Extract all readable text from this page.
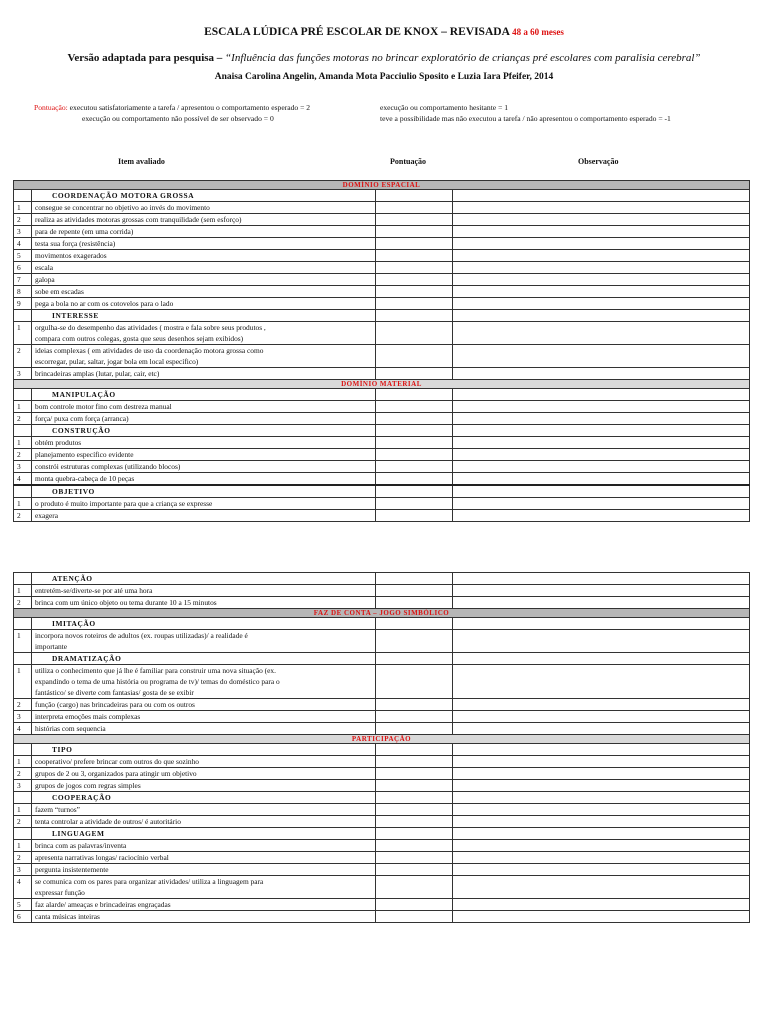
ESCALA LÚDICA PRÉ ESCOLAR DE KNOX – REVISADA 48 a 60 meses
Versão adaptada para pesquisa – “Influência das funções motoras no brincar exploratório de crianças pré escolares com paralisia cerebral”
Anaisa Carolina Angelin, Amanda Mota Pacciulio Sposito e Luzia Iara Pfeifer, 2014
Pontuação: executou satisfatoriamente a tarefa / apresentou o comportamento esperado = 2	execução ou comportamento hesitante = 1
execução ou comportamento não possível de ser observado = 0	teve a possibilidade mas não executou a tarefa / não apresentou o comportamento esperado = -1
Item avaliado	Pontuação	Observação
DOMÍNIO ESPACIAL			
	COORDENAÇÃO MOTORA GROSSA		
1	consegue se concentrar no objetivo ao invés do movimento		
2	realiza as atividades motoras grossas com tranquilidade (sem esforço)		
3	para de repente (em uma corrida)		
4	testa sua força (resistência)		
5	movimentos exagerados		
6	escala		
7	galopa		
8	sobe em escadas		
9	pega a bola no ar com os cotovelos para o lado		
	INTERESSE		
1	orgulha-se do desempenho das atividades ( mostra e fala sobre seus produtos ,
compara com outros colegas, gosta que seus desenhos sejam exibidos)		
2	ideias complexas ( em atividades de uso da coordenação motora grossa como
escorregar, pular, saltar, jogar bola em local específico)		
3	brincadeiras amplas (lutar, pular, cair, etc)		
DOMÍNIO MATERIAL			
	MANIPULAÇÃO		
1	bom controle motor fino com destreza manual		
2	força/ puxa com força (arranca)		
	CONSTRUÇÃO		
1	obtém produtos		
2	planejamento específico evidente		
3	constrói estruturas complexas (utilizando blocos)		
4	monta quebra-cabeça de 10 peças		
	OBJETIVO		
1	o produto é muito importante para que a criança se expresse		
2	exagera		
	ATENÇÃO		
1	entretém-se/diverte-se por até uma hora		
2	brinca com um único objeto ou tema durante 10 a 15 minutos		
FAZ DE CONTA – JOGO SIMBÓLICO			
	IMITAÇÃO		
1	incorpora novos roteiros de adultos (ex. roupas utilizadas)/ a realidade é
importante		
	DRAMATIZAÇÃO		
1	utiliza o conhecimento que já lhe é familiar para construir uma nova situação (ex.
expandindo o tema de uma história ou programa de tv)/ temas do doméstico para o
fantástico/ se diverte com fantasias/ gosta de se exibir		
2	função (cargo) nas brincadeiras para ou com os outros		
3	interpreta emoções mais complexas		
4	histórias com sequencia		
PARTICIPAÇÃO			
	TIPO		
1	cooperativo/ prefere brincar com outros do que sozinho		
2	grupos de 2 ou 3, organizados para atingir um objetivo		
3	grupos de jogos com regras simples		
	COOPERAÇÃO		
1	fazem “turnos”		
2	tenta controlar a atividade de outros/ é autoritário		
	LINGUAGEM		
1	brinca com as palavras/inventa		
2	apresenta narrativas longas/ raciocínio verbal		
3	pergunta insistentemente		
4	se comunica com os pares para organizar atividades/ utiliza a linguagem para
expressar função		
5	faz alarde/ ameaças e brincadeiras engraçadas		
6	canta músicas inteiras		
